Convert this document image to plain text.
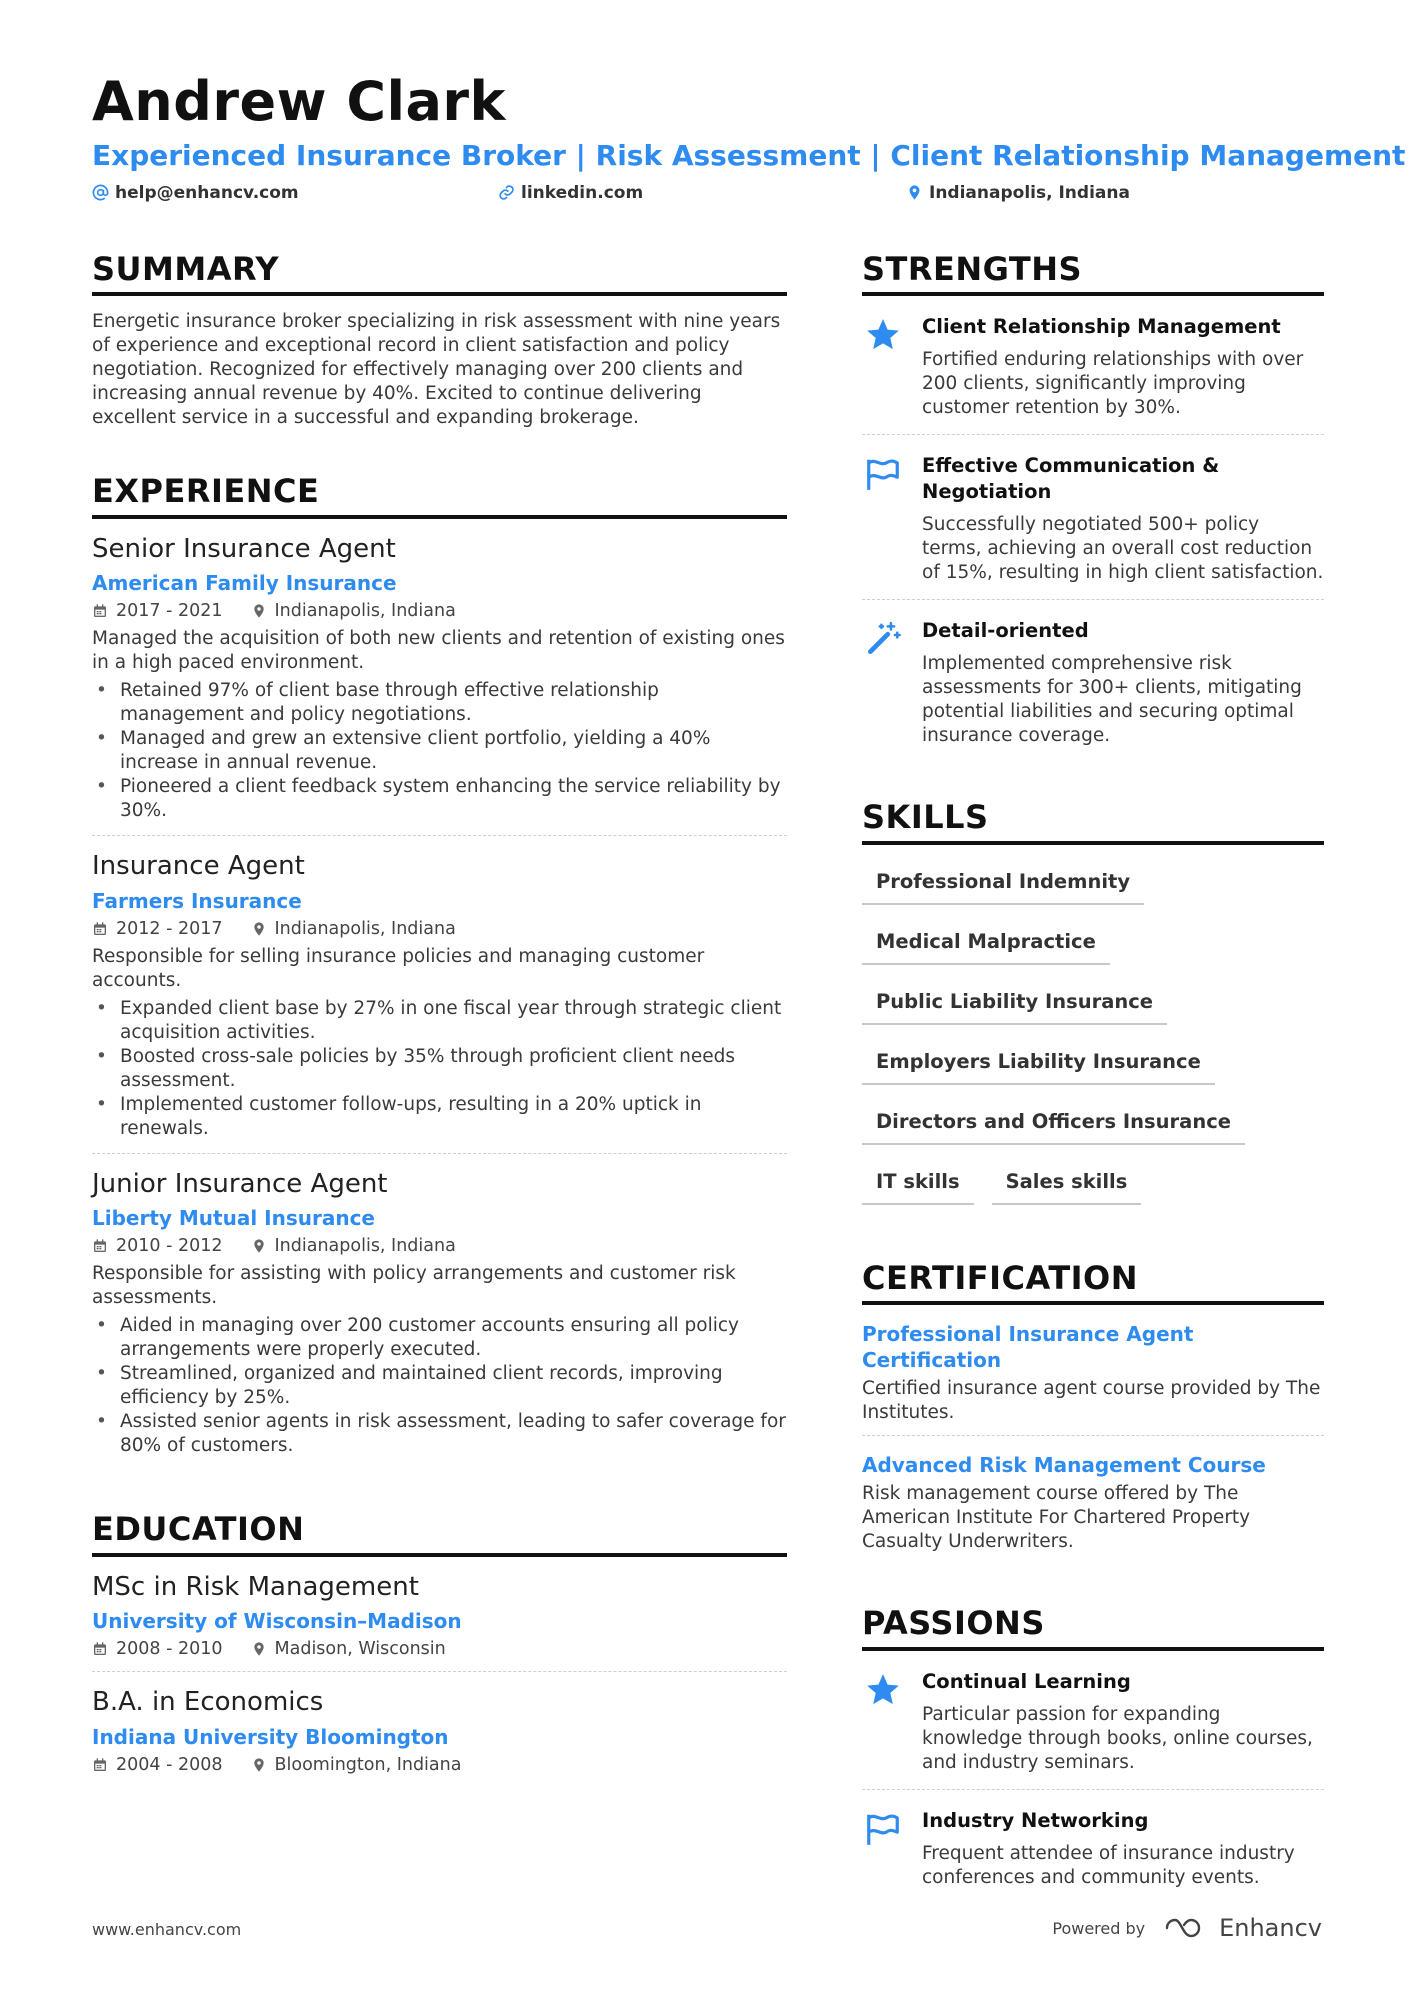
Andrew Clark
Experienced Insurance Broker | Risk Assessment | Client Relationship Management
help@enhancv.com	linkedin.com	Indianapolis, Indiana
SUMMARY
Energetic insurance broker specializing in risk assessment with nine years of experience and exceptional record in client satisfaction and policy negotiation. Recognized for effectively managing over 200 clients and increasing annual revenue by 40%. Excited to continue delivering excellent service in a successful and expanding brokerage.
EXPERIENCE
Senior Insurance Agent
American Family Insurance
2017 - 2021	Indianapolis, Indiana
Managed the acquisition of both new clients and retention of existing ones in a high paced environment.
• Retained 97% of client base through effective relationship management and policy negotiations.
• Managed and grew an extensive client portfolio, yielding a 40% increase in annual revenue.
• Pioneered a client feedback system enhancing the service reliability by 30%.
Insurance Agent
Farmers Insurance
2012 - 2017	Indianapolis, Indiana
Responsible for selling insurance policies and managing customer accounts.
• Expanded client base by 27% in one fiscal year through strategic client acquisition activities.
• Boosted cross-sale policies by 35% through proficient client needs assessment.
• Implemented customer follow-ups, resulting in a 20% uptick in renewals.
Junior Insurance Agent
Liberty Mutual Insurance
2010 - 2012	Indianapolis, Indiana
Responsible for assisting with policy arrangements and customer risk assessments.
• Aided in managing over 200 customer accounts ensuring all policy arrangements were properly executed.
• Streamlined, organized and maintained client records, improving efficiency by 25%.
• Assisted senior agents in risk assessment, leading to safer coverage for 80% of customers.
EDUCATION
MSc in Risk Management
University of Wisconsin–Madison
2008 - 2010	Madison, Wisconsin
B.A. in Economics
Indiana University Bloomington
2004 - 2008	Bloomington, Indiana
STRENGTHS
Client Relationship Management
Fortified enduring relationships with over 200 clients, significantly improving customer retention by 30%.
Effective Communication & Negotiation
Successfully negotiated 500+ policy terms, achieving an overall cost reduction of 15%, resulting in high client satisfaction.
Detail-oriented
Implemented comprehensive risk assessments for 300+ clients, mitigating potential liabilities and securing optimal insurance coverage.
SKILLS
Professional Indemnity
Medical Malpractice
Public Liability Insurance
Employers Liability Insurance
Directors and Officers Insurance
IT skills	Sales skills
CERTIFICATION
Professional Insurance Agent Certification
Certified insurance agent course provided by The Institutes.
Advanced Risk Management Course
Risk management course offered by The American Institute For Chartered Property Casualty Underwriters.
PASSIONS
Continual Learning
Particular passion for expanding knowledge through books, online courses, and industry seminars.
Industry Networking
Frequent attendee of insurance industry conferences and community events.
www.enhancv.com	Powered by	Enhancv
